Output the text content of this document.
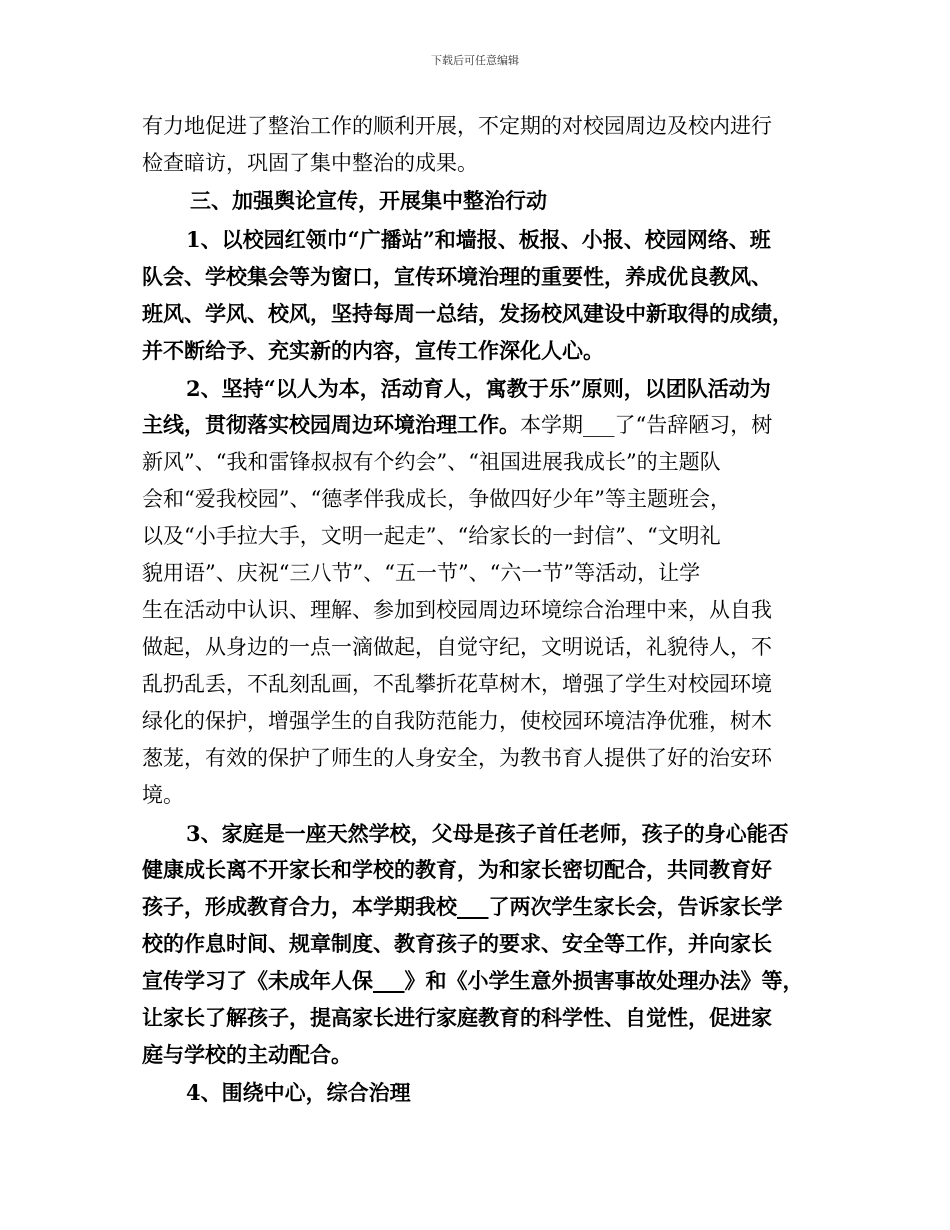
下载后可任意编辑
有力地促进了整治工作的顺利开展，不定期的对校园周边及校内进行
检查暗访，巩固了集中整治的成果。
三、加强舆论宣传，开展集中整治行动
1、以校园红领巾“广播站”和墙报、板报、小报、校园网络、班
队会、学校集会等为窗口，宣传环境治理的重要性，养成优良教风、
班风、学风、校风，坚持每周一总结，发扬校风建设中新取得的成绩，
并不断给予、充实新的内容，宣传工作深化人心。
2、坚持“以人为本，活动育人，寓教于乐”原则，以团队活动为
主线，贯彻落实校园周边环境治理工作。本学期___了“告辞陋习，树
新风”、“我和雷锋叔叔有个约会”、“祖国进展我成长”的主题队
会和“爱我校园”、“德孝伴我成长，争做四好少年”等主题班会，
以及“小手拉大手，文明一起走”、“给家长的一封信”、“文明礼
貌用语”、庆祝“三八节”、“五一节”、“六一节”等活动，让学
生在活动中认识、理解、参加到校园周边环境综合治理中来，从自我
做起，从身边的一点一滴做起，自觉守纪，文明说话，礼貌待人，不
乱扔乱丢，不乱刻乱画，不乱攀折花草树木，增强了学生对校园环境
绿化的保护，增强学生的自我防范能力，使校园环境洁净优雅，树木
葱茏，有效的保护了师生的人身安全，为教书育人提供了好的治安环
境。
3、家庭是一座天然学校，父母是孩子首任老师，孩子的身心能否
健康成长离不开家长和学校的教育，为和家长密切配合，共同教育好
孩子，形成教育合力，本学期我校___了两次学生家长会，告诉家长学
校的作息时间、规章制度、教育孩子的要求、安全等工作，并向家长
宣传学习了《未成年人保___》和《小学生意外损害事故处理办法》等，
让家长了解孩子，提高家长进行家庭教育的科学性、自觉性，促进家
庭与学校的主动配合。
4、围绕中心，综合治理
